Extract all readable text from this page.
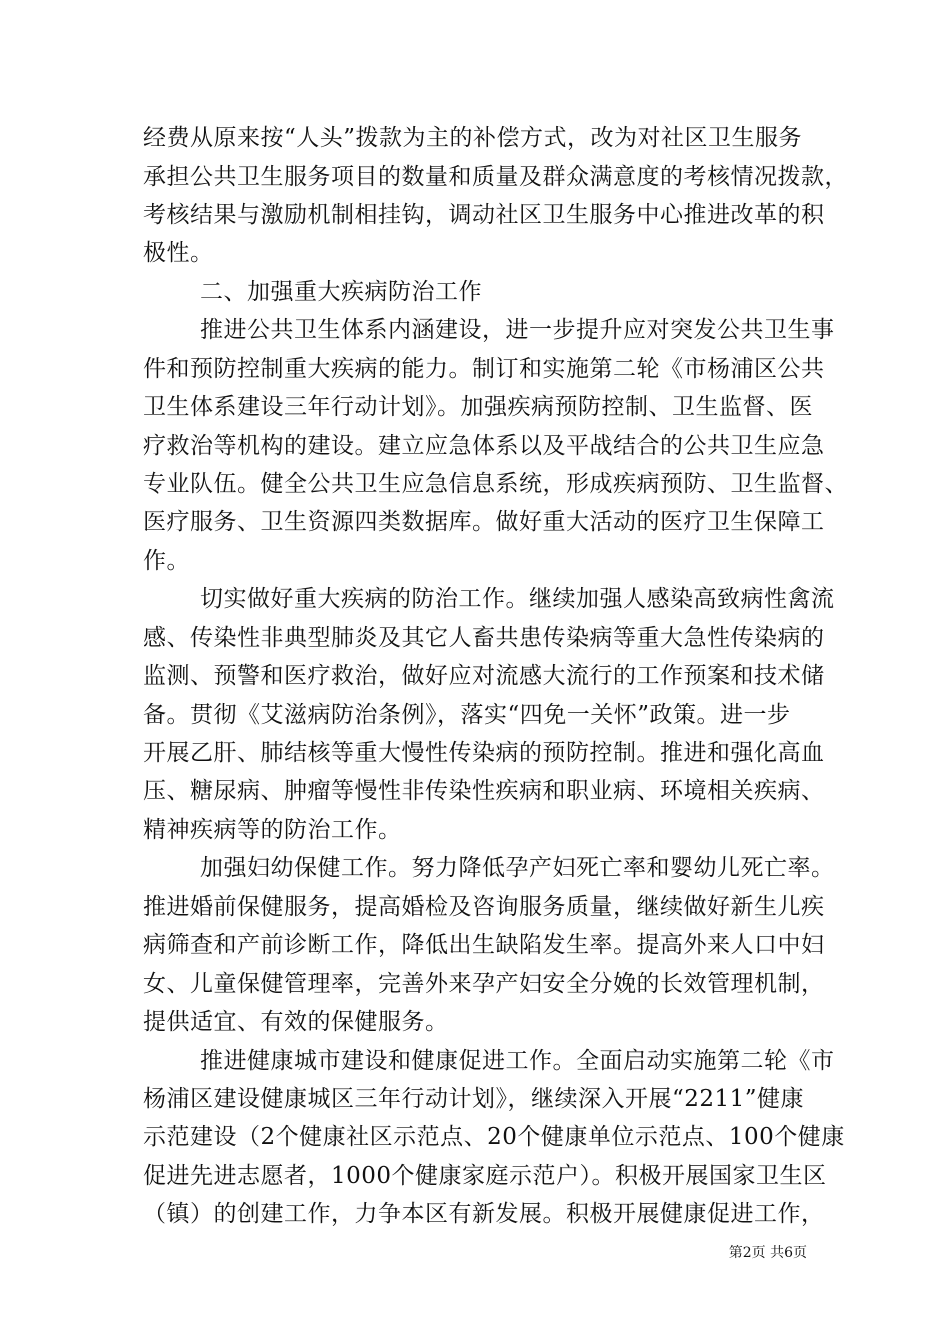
经费从原来按“人头”拨款为主的补偿方式，改为对社区卫生服务
承担公共卫生服务项目的数量和质量及群众满意度的考核情况拨款，
考核结果与激励机制相挂钩，调动社区卫生服务中心推进改革的积
极性。
二、加强重大疾病防治工作
推进公共卫生体系内涵建设，进一步提升应对突发公共卫生事
件和预防控制重大疾病的能力。制订和实施第二轮《市杨浦区公共
卫生体系建设三年行动计划》。加强疾病预防控制、卫生监督、医
疗救治等机构的建设。建立应急体系以及平战结合的公共卫生应急
专业队伍。健全公共卫生应急信息系统，形成疾病预防、卫生监督、
医疗服务、卫生资源四类数据库。做好重大活动的医疗卫生保障工
作。
切实做好重大疾病的防治工作。继续加强人感染高致病性禽流
感、传染性非典型肺炎及其它人畜共患传染病等重大急性传染病的
监测、预警和医疗救治，做好应对流感大流行的工作预案和技术储
备。贯彻《艾滋病防治条例》，落实“四免一关怀”政策。进一步
开展乙肝、肺结核等重大慢性传染病的预防控制。推进和强化高血
压、糖尿病、肿瘤等慢性非传染性疾病和职业病、环境相关疾病、
精神疾病等的防治工作。
加强妇幼保健工作。努力降低孕产妇死亡率和婴幼儿死亡率。
推进婚前保健服务，提高婚检及咨询服务质量，继续做好新生儿疾
病筛查和产前诊断工作，降低出生缺陷发生率。提高外来人口中妇
女、儿童保健管理率，完善外来孕产妇安全分娩的长效管理机制，
提供适宜、有效的保健服务。
推进健康城市建设和健康促进工作。全面启动实施第二轮《市
杨浦区建设健康城区三年行动计划》，继续深入开展“2211”健康
示范建设（2个健康社区示范点、20个健康单位示范点、100个健康
促进先进志愿者，1000个健康家庭示范户）。积极开展国家卫生区
（镇）的创建工作，力争本区有新发展。积极开展健康促进工作，
第2页 共6页
